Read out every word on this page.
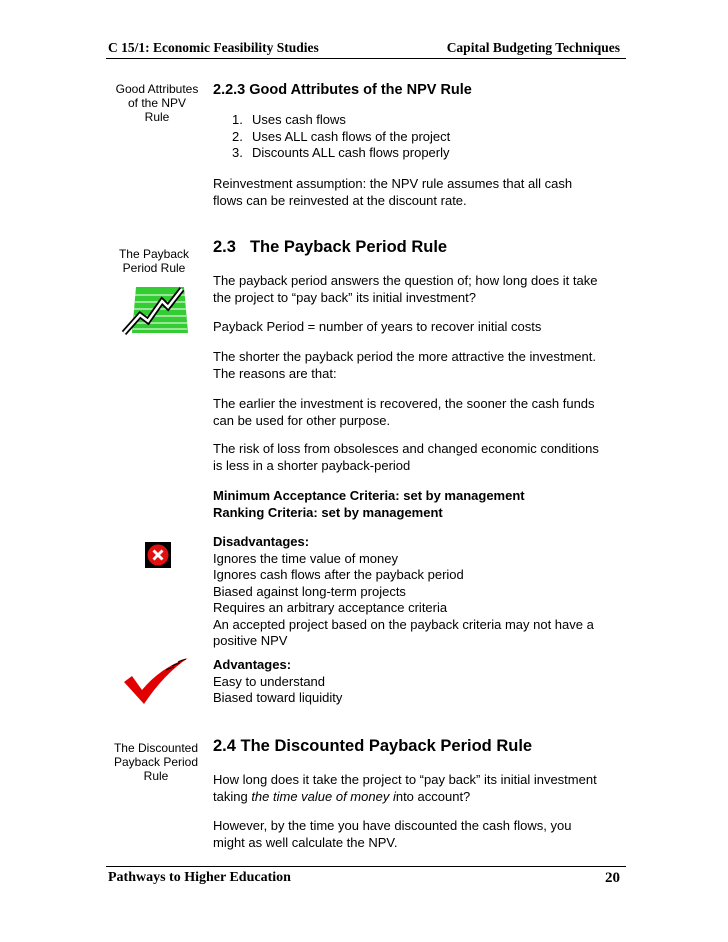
C 15/1: Economic Feasibility Studies	Capital Budgeting Techniques
Good Attributes
of the NPV Rule
The Payback
Period Rule
The Discounted
Payback Period
Rule
2.2.3 Good Attributes of the NPV Rule
1. Uses cash flows
2. Uses ALL cash flows of the project
3. Discounts ALL cash flows properly
Reinvestment assumption: the NPV rule assumes that all cash
flows can be reinvested at the discount rate.
2.3 The Payback Period Rule
The payback period answers the question of; how long does it take
the project to “pay back” its initial investment?
Payback Period = number of years to recover initial costs
The shorter the payback period the more attractive the investment.
The reasons are that:
The earlier the investment is recovered, the sooner the cash funds
can be used for other purpose.
The risk of loss from obsolesces and changed economic conditions
is less in a shorter payback-period
Minimum Acceptance Criteria: set by management
Ranking Criteria: set by management
Disadvantages:
Ignores the time value of money
Ignores cash flows after the payback period
Biased against long-term projects
Requires an arbitrary acceptance criteria
An accepted project based on the payback criteria may not have a
positive NPV
Advantages:
Easy to understand
Biased toward liquidity
2.4 The Discounted Payback Period Rule
How long does it take the project to “pay back” its initial investment
taking the time value of money into account?
However, by the time you have discounted the cash flows, you
might as well calculate the NPV.
Pathways to Higher Education	20
